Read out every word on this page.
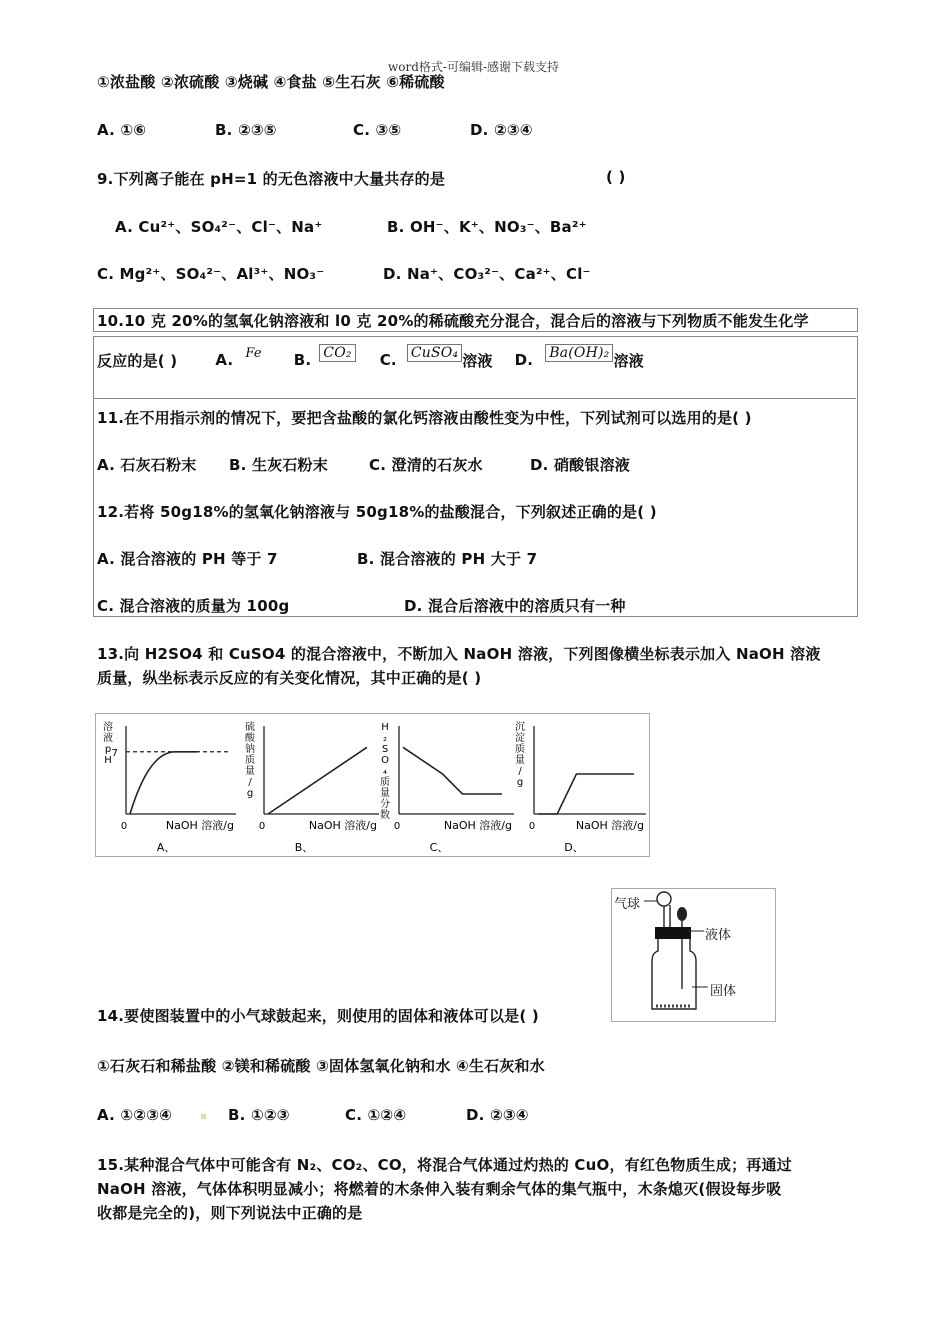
word格式-可编辑-感谢下载支持
①浓盐酸 ②浓硫酸 ③烧碱 ④食盐 ⑤生石灰 ⑥稀硫酸
A. ①⑥	B. ②③⑤	C. ③⑤	D. ②③④
9.下列离子能在 pH=1 的无色溶液中大量共存的是	( )
A. Cu²⁺、SO₄²⁻、Cl⁻、Na⁺	B. OH⁻、K⁺、NO₃⁻、Ba²⁺
C. Mg²⁺、SO₄²⁻、Al³⁺、NO₃⁻	D. Na⁺、CO₃²⁻、Ca²⁺、Cl⁻
10.10 克 20%的氢氧化钠溶液和 l0 克 20%的稀硫酸充分混合，混合后的溶液与下列物质不能发生化学
反应的是( )	A. Fe B. CO₂ C. CuSO₄ 溶液 D. Ba(OH)₂ 溶液
11.在不用指示剂的情况下，要把含盐酸的氯化钙溶液由酸性变为中性，下列试剂可以选用的是( )
A. 石灰石粉末 B. 生灰石粉末	C. 澄清的石灰水	D. 硝酸银溶液
12.若将 50g18%的氢氧化钠溶液与 50g18%的盐酸混合，下列叙述正确的是( )
A. 混合溶液的 PH 等于 7	B. 混合溶液的 PH 大于 7
C. 混合溶液的质量为 100g	D. 混合后溶液中的溶质只有一种
13.向 H2SO4 和 CuSO4 的混合溶液中，不断加入 NaOH 溶液，下列图像横坐标表示加入 NaOH 溶液
质量，纵坐标表示反应的有关变化情况，其中正确的是( )
7
0	NaOH 溶液/g
A、
溶
液
p
H
0	NaOH 溶液/g
B、
硫
酸
钠
质
量
/
g
0	NaOH 溶液/g
C、
H
₂
S
O
₄
质
量
分
数
0	NaOH 溶液/g
D、
沉
淀
质
量
/
g
气球
液体
固体
14.要使图装置中的小气球鼓起来，则使用的固体和液体可以是( )
①石灰石和稀盐酸 ②镁和稀硫酸 ③固体氢氧化钠和水 ④生石灰和水
A. ①②③④	B. ①②③	C. ①②④	D. ②③④
15.某种混合气体中可能含有 N₂、CO₂、CO，将混合气体通过灼热的 CuO，有红色物质生成；再通过
NaOH 溶液，气体体积明显减小；将燃着的木条伸入装有剩余气体的集气瓶中，木条熄灭(假设每步吸
收都是完全的)，则下列说法中正确的是
